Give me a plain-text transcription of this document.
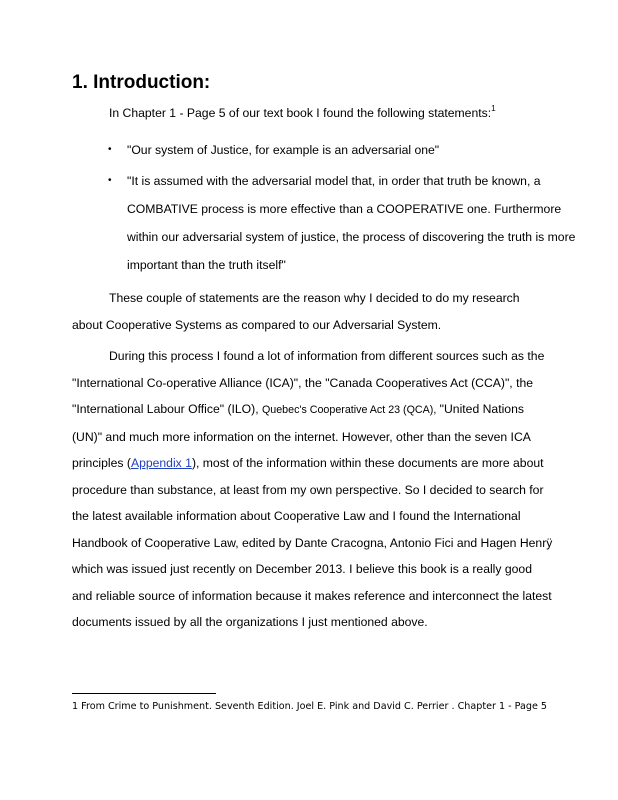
1. Introduction:

In Chapter 1 - Page 5 of our text book I found the following statements:$^1$

• "Our system of Justice, for example is an adversarial one"
• "It is assumed with the adversarial model that, in order that truth be known, a COMBATIVE process is more effective than a COOPERATIVE one. Furthermore within our adversarial system of justice, the process of discovering the truth is more important than the truth itself"

These couple of statements are the reason why I decided to do my research about Cooperative Systems as compared to our Adversarial System.

During this process I found a lot of information from different sources such as the "International Co-operative Alliance (ICA)", the "Canada Cooperatives Act (CCA)", the "International Labour Office" (ILO), Quebec's Cooperative Act 23 (QCA), "United Nations (UN)" and much more information on the internet. However, other than the seven ICA principles (Appendix 1), most of the information within these documents are more about procedure than substance, at least from my own perspective. So I decided to search for the latest available information about Cooperative Law and I found the International Handbook of Cooperative Law, edited by Dante Cracogna, Antonio Fici and Hagen Henrÿ which was issued just recently on December 2013. I believe this book is a really good and reliable source of information because it makes reference and interconnect the latest documents issued by all the organizations I just mentioned above.

1 From Crime to Punishment. Seventh Edition. Joel E. Pink and David C. Perrier . Chapter 1 - Page 5
